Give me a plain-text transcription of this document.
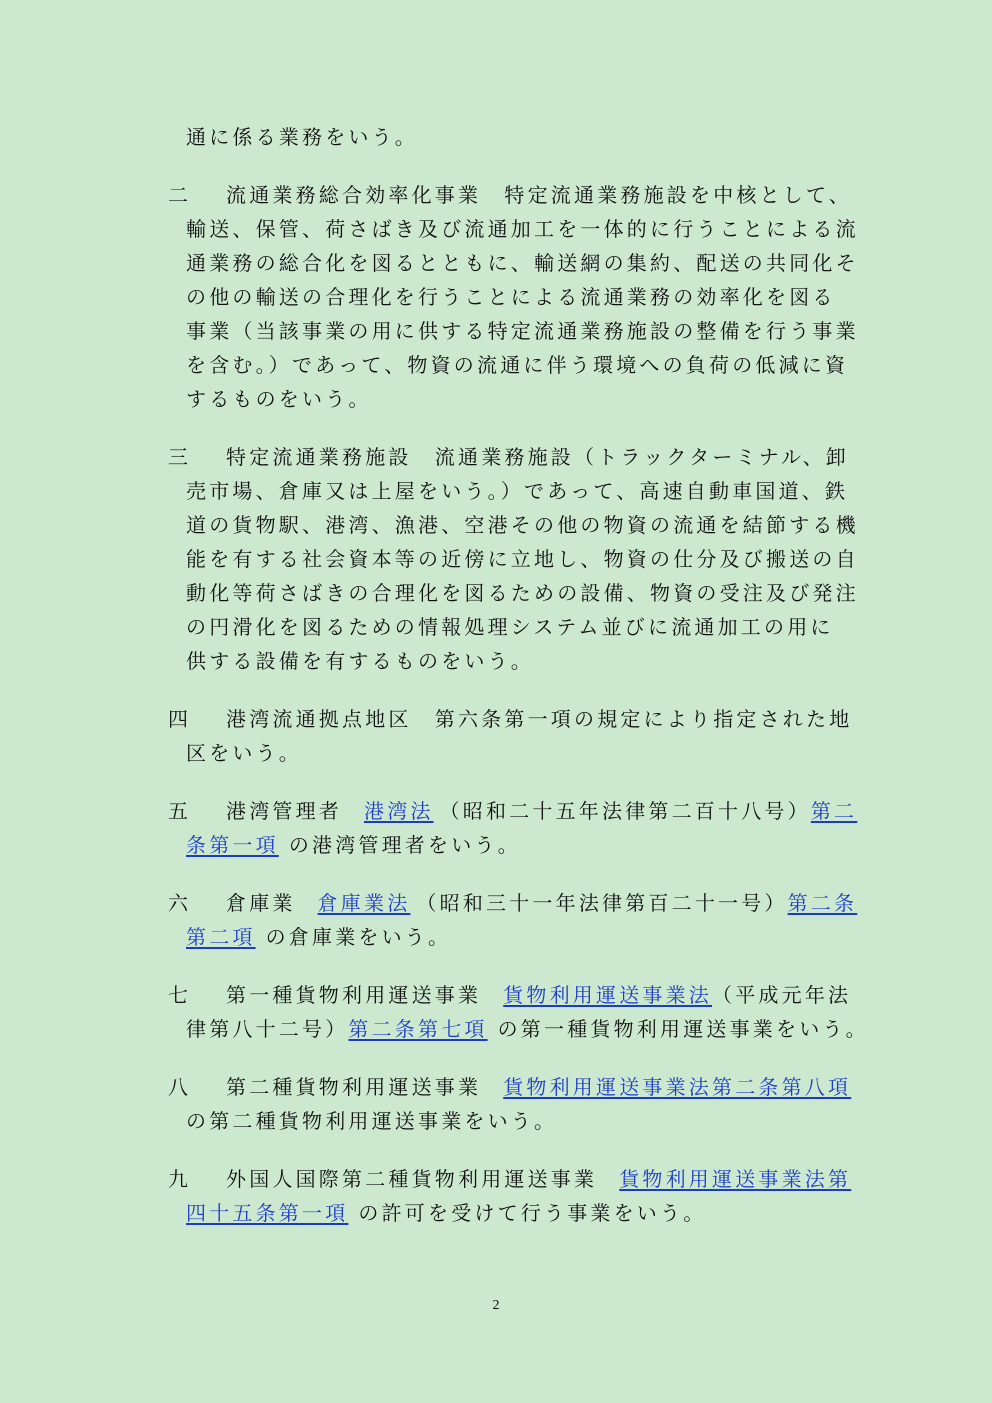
通に係る業務をいう。
二 流通業務総合効率化事業　特定流通業務施設を中核として、
輸送、保管、荷さばき及び流通加工を一体的に行うことによる流
通業務の総合化を図るとともに、輸送網の集約、配送の共同化そ
の他の輸送の合理化を行うことによる流通業務の効率化を図る
事業（当該事業の用に供する特定流通業務施設の整備を行う事業
を含む。）であって、物資の流通に伴う環境への負荷の低減に資
するものをいう。
三 特定流通業務施設　流通業務施設（トラックターミナル、卸
売市場、倉庫又は上屋をいう。）であって、高速自動車国道、鉄
道の貨物駅、港湾、漁港、空港その他の物資の流通を結節する機
能を有する社会資本等の近傍に立地し、物資の仕分及び搬送の自
動化等荷さばきの合理化を図るための設備、物資の受注及び発注
の円滑化を図るための情報処理システム並びに流通加工の用に
供する設備を有するものをいう。
四 港湾流通拠点地区　第六条第一項の規定により指定された地
区をいう。
五 港湾管理者 港湾法 （昭和二十五年法律第二百十八号）第二
条第一項 の港湾管理者をいう。
六 倉庫業 倉庫業法 （昭和三十一年法律第百二十一号）第二条
第二項 の倉庫業をいう。
七 第一種貨物利用運送事業 貨物利用運送事業法（平成元年法
律第八十二号）第二条第七項 の第一種貨物利用運送事業をいう。
八 第二種貨物利用運送事業 貨物利用運送事業法第二条第八項
の第二種貨物利用運送事業をいう。
九 外国人国際第二種貨物利用運送事業 貨物利用運送事業法第
四十五条第一項 の許可を受けて行う事業をいう。
2
